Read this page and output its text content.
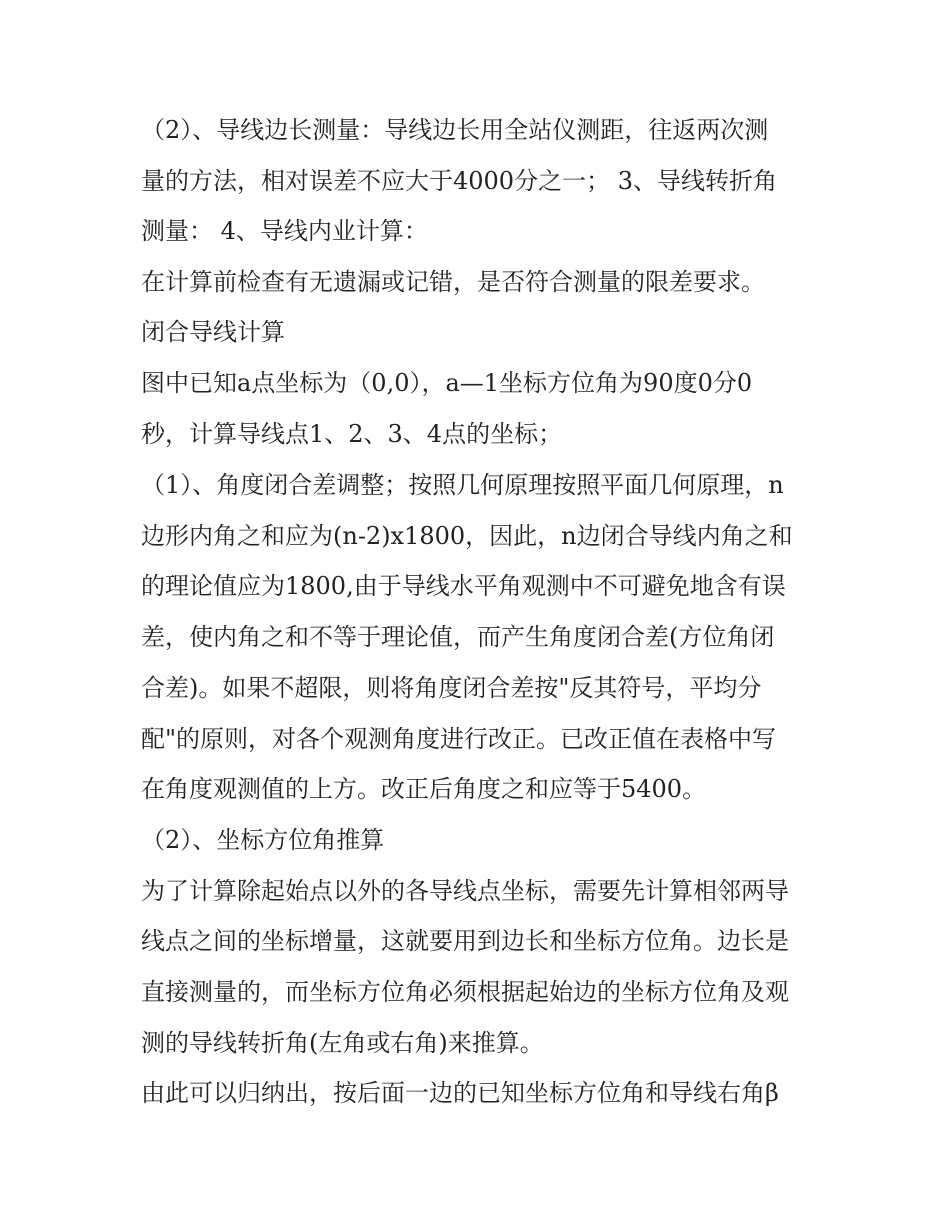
（2）、导线边长测量：导线边长用全站仪测距，往返两次测
量的方法，相对误差不应大于4000分之一； 3、导线转折角
测量： 4、导线内业计算：
在计算前检查有无遗漏或记错，是否符合测量的限差要求。
闭合导线计算
图中已知a点坐标为（0,0），a—1坐标方位角为90度0分0
秒，计算导线点1、2、3、4点的坐标；
（1）、角度闭合差调整；按照几何原理按照平面几何原理，n
边形内角之和应为(n-2)x1800，因此，n边闭合导线内角之和
的理论值应为1800,由于导线水平角观测中不可避免地含有误
差，使内角之和不等于理论值，而产生角度闭合差(方位角闭
合差)。如果不超限，则将角度闭合差按"反其符号，平均分
配"的原则，对各个观测角度进行改正。已改正值在表格中写
在角度观测值的上方。改正后角度之和应等于5400。
（2）、坐标方位角推算
为了计算除起始点以外的各导线点坐标，需要先计算相邻两导
线点之间的坐标增量，这就要用到边长和坐标方位角。边长是
直接测量的，而坐标方位角必须根据起始边的坐标方位角及观
测的导线转折角(左角或右角)来推算。
由此可以归纳出，按后面一边的已知坐标方位角和导线右角β
